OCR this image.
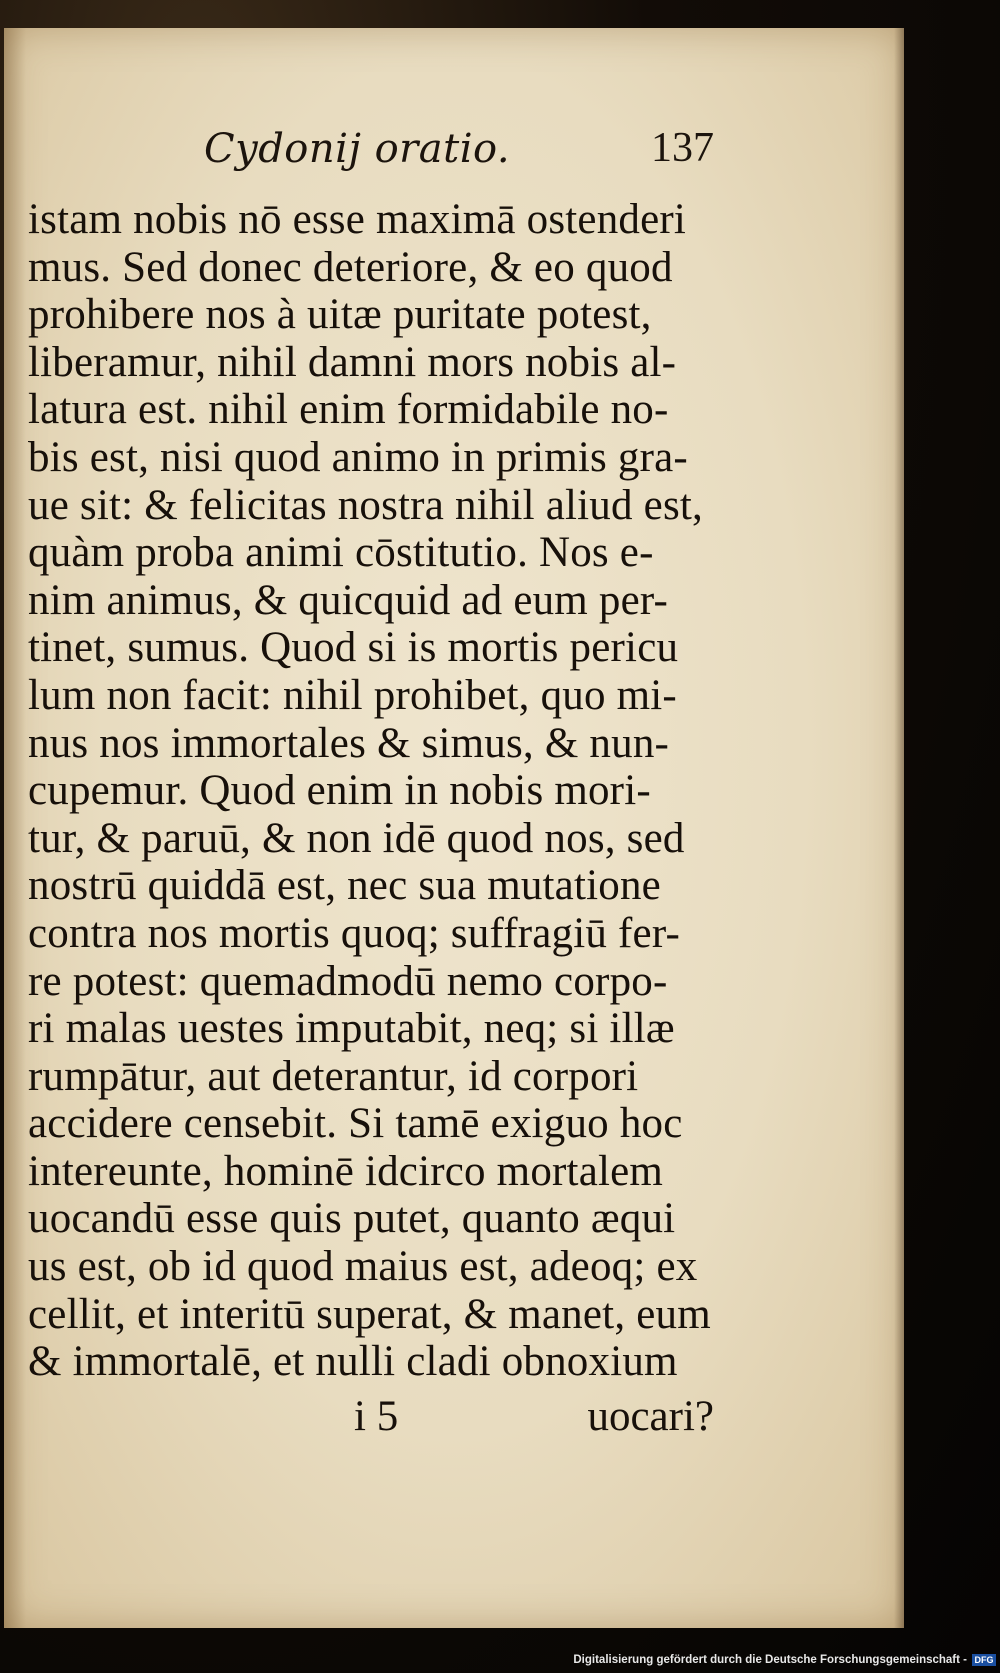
Cydonij oratio.	137
istam nobis nō esse maximā ostenderi
mus. Sed donec deteriore, & eo quod
prohibere nos à uitæ puritate potest,
liberamur, nihil damni mors nobis al-
latura est. nihil enim formidabile no-
bis est, nisi quod animo in primis gra-
ue sit: & felicitas nostra nihil aliud est,
quàm proba animi cōstitutio. Nos e-
nim animus, & quicquid ad eum per-
tinet, sumus. Quod si is mortis pericu
lum non facit: nihil prohibet, quo mi-
nus nos immortales & simus, & nun-
cupemur. Quod enim in nobis mori-
tur, & paruū, & non idē quod nos, sed
nostrū quiddā est, nec sua mutatione
contra nos mortis quoq; suffragiū fer-
re potest: quemadmodū nemo corpo-
ri malas uestes imputabit, neq; si illæ
rumpātur, aut deterantur, id corpori
accidere censebit. Si tamē exiguo hoc
intereunte, hominē idcirco mortalem
uocandū esse quis putet, quanto æqui
us est, ob id quod maius est, adeoq; ex
cellit, et interitū superat, & manet, eum
& immortalē, et nulli cladi obnoxium
i 5	uocari?
Digitalisierung gefördert durch die Deutsche Forschungsgemeinschaft - DFG
